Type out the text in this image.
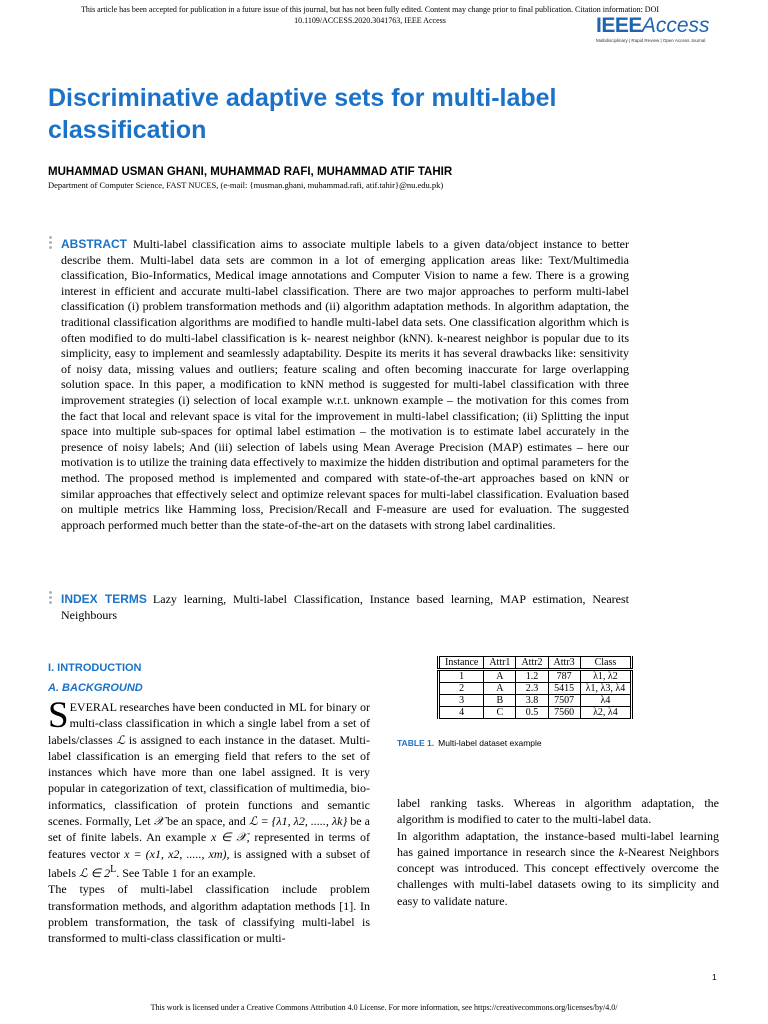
This article has been accepted for publication in a future issue of this journal, but has not been fully edited. Content may change prior to final publication. Citation information: DOI
10.1109/ACCESS.2020.3041763, IEEE Access	IEEEAccess
Multidisciplinary | Rapid Review | Open Access Journal
Discriminative adaptive sets for multi-label classification
MUHAMMAD USMAN GHANI, MUHAMMAD RAFI, MUHAMMAD ATIF TAHIR
Department of Computer Science, FAST NUCES, (e-mail: {musman.ghani, muhammad.rafi, atif.tahir}@nu.edu.pk)

ABSTRACT Multi-label classification aims to associate multiple labels to a given data/object instance to better describe them. Multi-label data sets are common in a lot of emerging application areas like: Text/Multimedia classification, Bio-Informatics, Medical image annotations and Computer Vision to name a few. There is a growing interest in efficient and accurate multi-label classification. There are two major approaches to perform multi-label classification (i) problem transformation methods and (ii) algorithm adaptation methods. In algorithm adaptation, the traditional classification algorithms are modified to handle multi-label data sets. One classification algorithm which is often modified to do multi-label classification is k- nearest neighbor (kNN). k-nearest neighbor is popular due to its simplicity, easy to implement and seamlessly adaptability. Despite its merits it has several drawbacks like: sensitivity of noisy data, missing values and outliers; feature scaling and often becoming inaccurate for large overlapping solution space. In this paper, a modification to kNN method is suggested for multi-label classification with three improvement strategies (i) selection of local example w.r.t. unknown example – the motivation for this comes from the fact that local and relevant space is vital for the improvement in multi-label classification; (ii) Splitting the input space into multiple sub-spaces for optimal label estimation – the motivation is to estimate label accurately in the presence of noisy labels; And (iii) selection of labels using Mean Average Precision (MAP) estimates – here our motivation is to utilize the training data effectively to maximize the hidden distribution and optimal parameters for the method. The proposed method is implemented and compared with state-of-the-art approaches based on kNN or similar approaches that effectively select and optimize relevant spaces for multi-label classification. Evaluation based on multiple metrics like Hamming loss, Precision/Recall and F-measure are used for evaluation. The suggested approach performed much better than the state-of-the-art on the datasets with strong label cardinalities.

INDEX TERMS Lazy learning, Multi-label Classification, Instance based learning, MAP estimation, Nearest Neighbours

I. INTRODUCTION
A. BACKGROUND

SEVERAL researches have been conducted in ML for binary or multi-class classification in which a single label from a set of labels/classes ℒ is assigned to each instance in the dataset. Multi-label classification is an emerging field that refers to the set of instances which have more than one label assigned. It is very popular in categorization of text, classification of multimedia, bio-informatics, classification of protein functions and semantic scenes. Formally, Let 𝒳 be an space, and ℒ = {λ1, λ2, ....., λk} be a set of finite labels. An example x ∈ 𝒳, represented in terms of features vector x = (x1, x2, ....., xm), is assigned with a subset of labels ℒ ∈ $2^L$. See Table 1 for an example.

The types of multi-label classification include problem transformation methods, and algorithm adaptation methods [1]. In problem transformation, the task of classifying multi-label is transformed to multi-class classification or multi-

Instance	Attr1	Attr2	Attr3	Class
1	A	1.2	787	λ1, λ2
2	A	2.3	5415	λ1, λ3, λ4
3	B	3.8	7507	λ4
4	C	0.5	7560	λ2, λ4
TABLE 1. Multi-label dataset example

label ranking tasks. Whereas in algorithm adaptation, the algorithm is modified to cater to the multi-label data.

In algorithm adaptation, the instance-based multi-label learning has gained importance in research since the k-Nearest Neighbors concept was introduced. This concept effectively overcome the challenges with multi-label datasets owing to its simplicity and easy to validate nature.

1
This work is licensed under a Creative Commons Attribution 4.0 License. For more information, see https://creativecommons.org/licenses/by/4.0/
